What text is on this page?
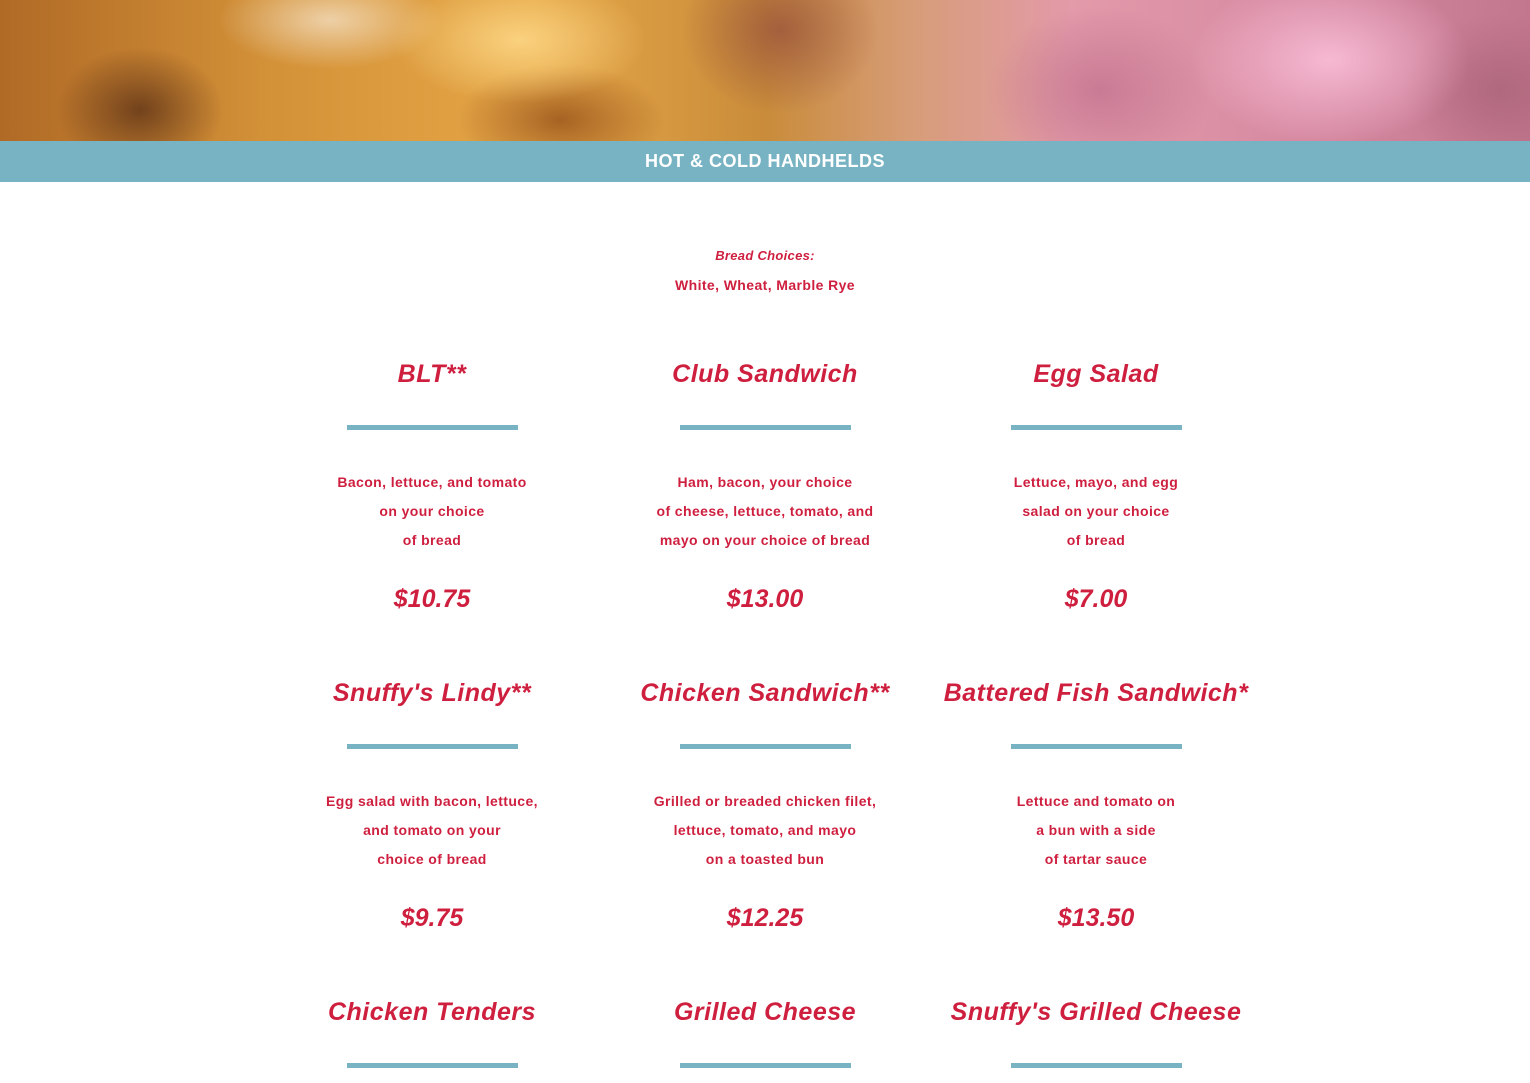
HOT & COLD HANDHELDS
Bread Choices:
White, Wheat, Marble Rye
BLT**
Bacon, lettuce, and tomato
on your choice
of bread
$10.75
Club Sandwich
Ham, bacon, your choice
of cheese, lettuce, tomato, and
mayo on your choice of bread
$13.00
Egg Salad
Lettuce, mayo, and egg
salad on your choice
of bread
$7.00
Snuffy's Lindy**
Egg salad with bacon, lettuce,
and tomato on your
choice of bread
$9.75
Chicken Sandwich**
Grilled or breaded chicken filet,
lettuce, tomato, and mayo
on a toasted bun
$12.25
Battered Fish Sandwich*
Lettuce and tomato on
a bun with a side
of tartar sauce
$13.50
Chicken Tenders	Grilled Cheese	Snuffy's Grilled Cheese
